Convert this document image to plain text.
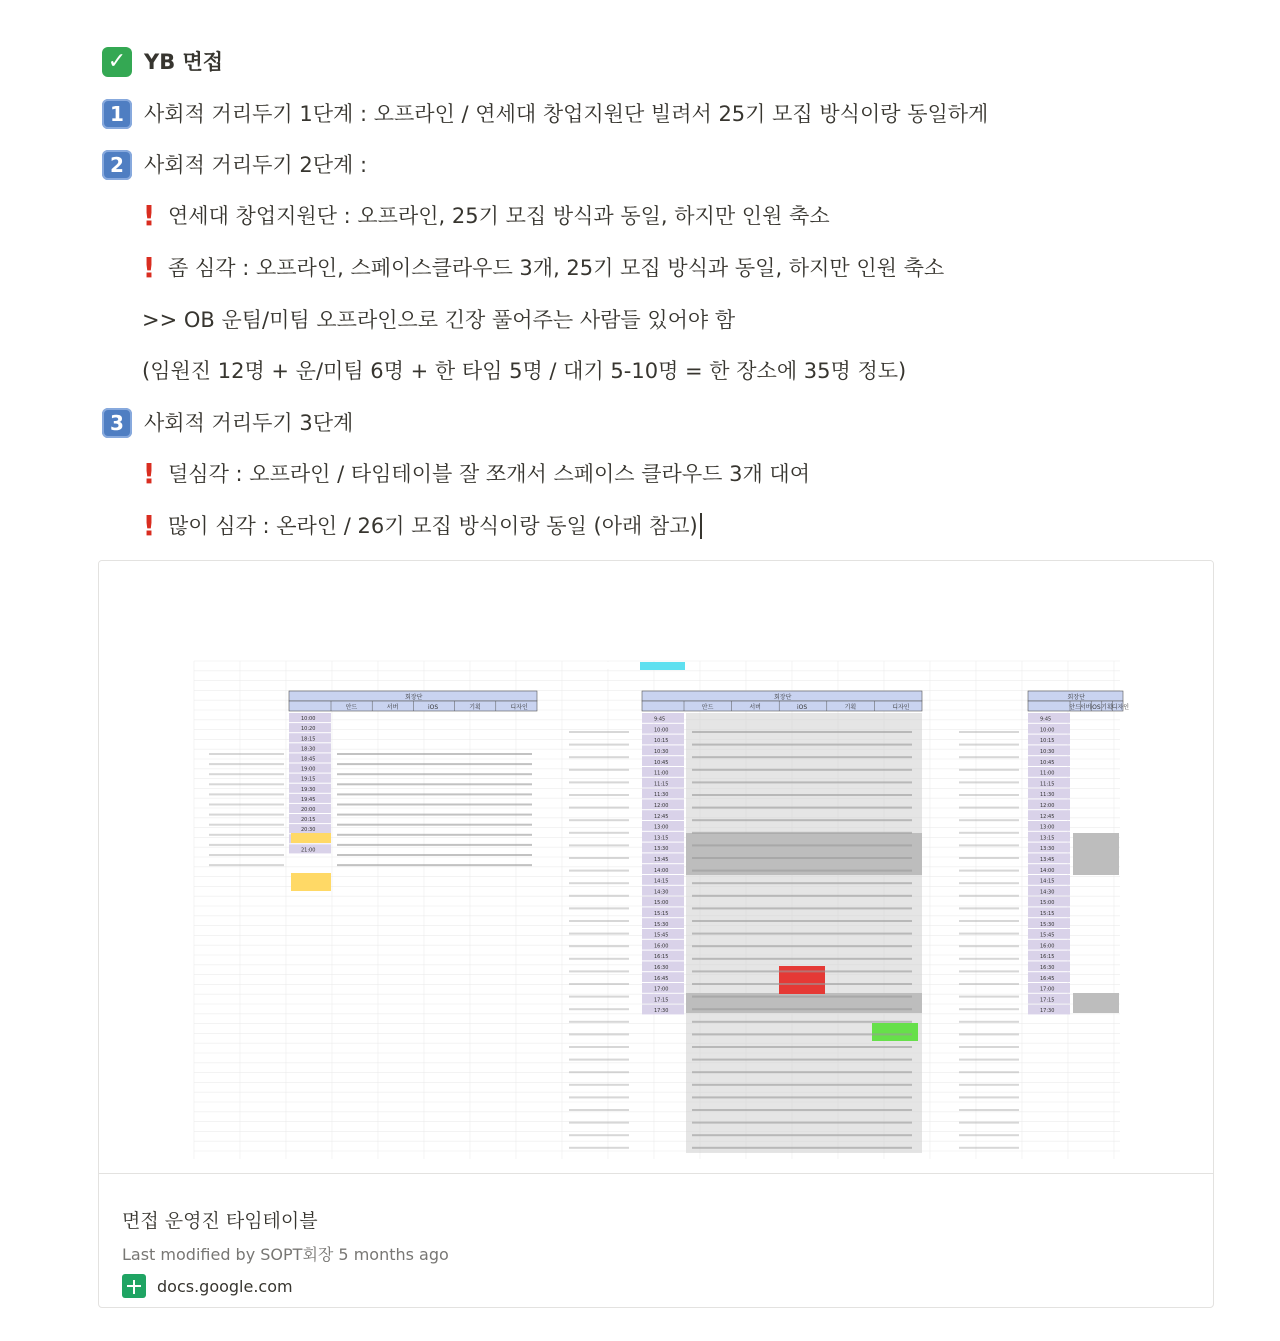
✓ YB 면접
1 사회적 거리두기 1단계 : 오프라인 / 연세대 창업지원단 빌려서 25기 모집 방식이랑 동일하게
2 사회적 거리두기 2단계 :
! 연세대 창업지원단 : 오프라인, 25기 모집 방식과 동일, 하지만 인원 축소
! 좀 심각 : 오프라인, 스페이스클라우드 3개, 25기 모집 방식과 동일, 하지만 인원 축소
>> OB 운팀/미팀 오프라인으로 긴장 풀어주는 사람들 있어야 함
(임원진 12명 + 운/미팀 6명 + 한 타임 5명 / 대기 5-10명 = 한 장소에 35명 정도)
3 사회적 거리두기 3단계
! 덜심각 : 오프라인 / 타임테이블 잘 쪼개서 스페이스 클라우드 3개 대여
! 많이 심각 : 온라인 / 26기 모집 방식이랑 동일 (아래 참고)
회장단
안드	서버	iOS	기획	디자인
10:00
10:20
18:15
18:30
18:45
19:00
19:15
19:30
19:45
20:00
20:15
20:30
21:00
회장단
안드	서버	iOS	기획	디자인
9:45
10:00
10:15
10:30
10:45
11:00
11:15
11:30
12:00
12:45
13:00
13:15
13:30
13:45
14:00
14:15
14:30
15:00
15:15
15:30
15:45
16:00
16:15
16:30
16:45
17:00
17:15
17:30
회장단
안드 서버 iOS 기획 디자인
9:45
10:00
10:15
10:30
10:45
11:00
11:15
11:30
12:00
12:45
13:00
13:15
13:30
13:45
14:00
14:15
14:30
15:00
15:15
15:30
15:45
16:00
16:15
16:30
16:45
17:00
17:15
17:30
면접 운영진 타임테이블
Last modified by SOPT회장 5 months ago
docs.google.com
